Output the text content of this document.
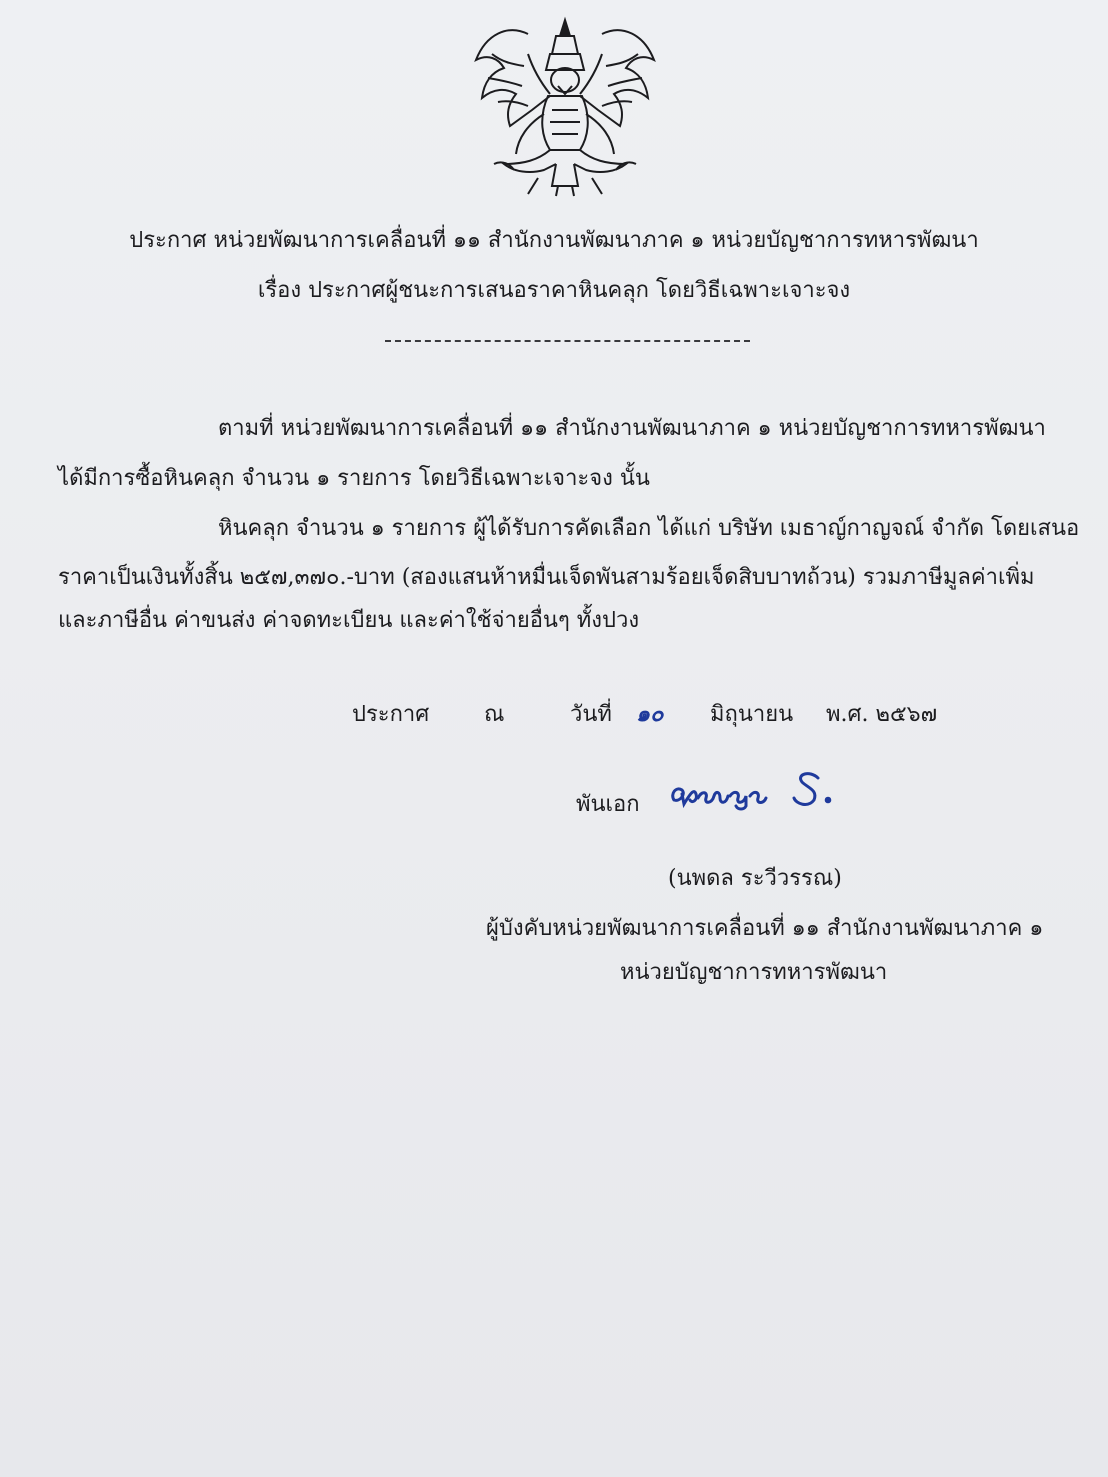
ประกาศ หน่วยพัฒนาการเคลื่อนที่ ๑๑ สำนักงานพัฒนาภาค ๑ หน่วยบัญชาการทหารพัฒนา
เรื่อง ประกาศผู้ชนะการเสนอราคาหินคลุก โดยวิธีเฉพาะเจาะจง
ตามที่ หน่วยพัฒนาการเคลื่อนที่ ๑๑ สำนักงานพัฒนาภาค ๑ หน่วยบัญชาการทหารพัฒนา
ได้มีการซื้อหินคลุก จำนวน ๑ รายการ โดยวิธีเฉพาะเจาะจง นั้น
หินคลุก จำนวน ๑ รายการ ผู้ได้รับการคัดเลือก ได้แก่ บริษัท เมธาญ์กาญจณ์ จำกัด โดยเสนอ
ราคาเป็นเงินทั้งสิ้น ๒๕๗,๓๗๐.-บาท (สองแสนห้าหมื่นเจ็ดพันสามร้อยเจ็ดสิบบาทถ้วน) รวมภาษีมูลค่าเพิ่ม
และภาษีอื่น ค่าขนส่ง ค่าจดทะเบียน และค่าใช้จ่ายอื่นๆ ทั้งปวง
ประกาศ ณ	วันที่ ๑๐ มิถุนายน พ.ศ. ๒๕๖๗
พันเอก
(นพดล ระวีวรรณ)
ผู้บังคับหน่วยพัฒนาการเคลื่อนที่ ๑๑ สำนักงานพัฒนาภาค ๑
หน่วยบัญชาการทหารพัฒนา
